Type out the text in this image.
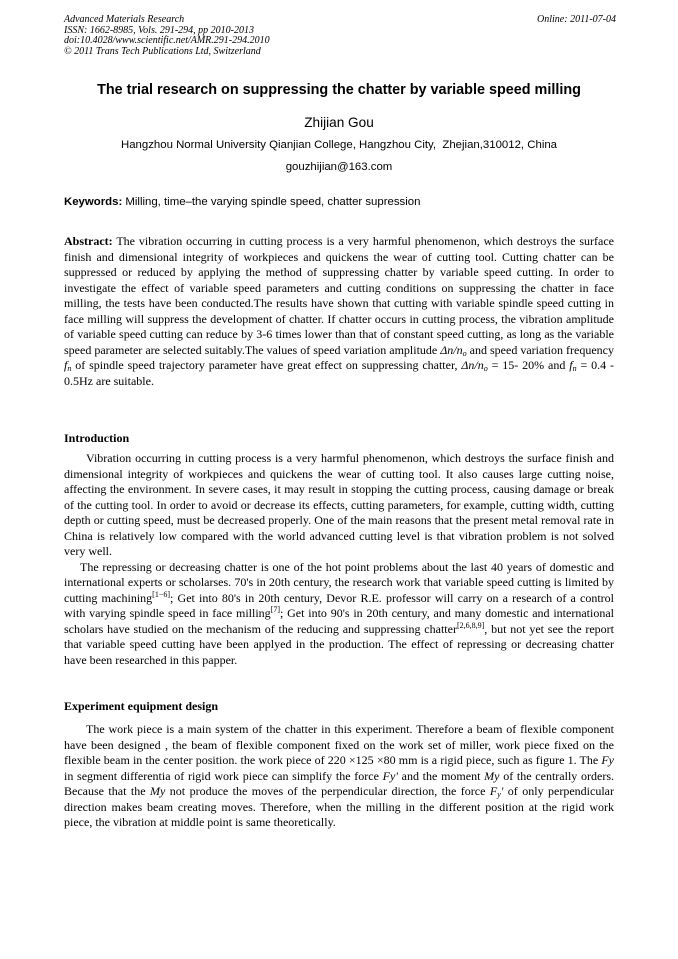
Advanced Materials Research
ISSN: 1662-8985, Vols. 291-294, pp 2010-2013
doi:10.4028/www.scientific.net/AMR.291-294.2010
© 2011 Trans Tech Publications Ltd, Switzerland
Online: 2011-07-04
The trial research on suppressing the chatter by variable speed milling
Zhijian Gou
Hangzhou Normal University Qianjian College, Hangzhou City,  Zhejian,310012, China
gouzhijian@163.com
Keywords: Milling, time–the varying spindle speed, chatter supression
Abstract: The vibration occurring in cutting process is a very harmful phenomenon, which destroys the surface finish and dimensional integrity of workpieces and quickens the wear of cutting tool. Cutting chatter can be suppressed or reduced by applying the method of suppressing chatter by variable speed cutting. In order to investigate the effect of variable speed parameters and cutting conditions on suppressing the chatter in face milling, the tests have been conducted.The results have shown that cutting with variable spindle speed cutting in face milling will suppress the development of chatter. If chatter occurs in cutting process, the vibration amplitude of variable speed cutting can reduce by 3-6 times lower than that of constant speed cutting, as long as the variable speed parameter are selected suitably.The values of speed variation amplitude $\Delta n/n_o$ and speed variation frequency $f_n$ of spindle speed trajectory parameter have great effect on suppressing chatter, $\Delta n/n_o = 15-$ 20% and $f_n = 0.4 - 0.5Hz$ are suitable.
Introduction

Vibration occurring in cutting process is a very harmful phenomenon, which destroys the surface finish and dimensional integrity of workpieces and quickens the wear of cutting tool. It also causes large cutting noise, affecting the environment. In severe cases, it may result in stopping the cutting process, causing damage or break of the cutting tool. In order to avoid or decrease its effects, cutting parameters, for example, cutting width, cutting depth or cutting speed, must be decreased properly. One of the main reasons that the present metal removal rate in China is relatively low compared with the world advanced cutting level is that vibration problem is not solved very well.

The repressing or decreasing chatter is one of the hot point problems about the last 40 years of domestic and international experts or scholarses. 70's in 20th century, the research work that variable speed cutting is limited by cutting machining[1−6]; Get into 80's in 20th century, Devor R.E. professor will carry on a research of a control with varying spindle speed in face milling[7]; Get into 90's in 20th century, and many domestic and international scholars have studied on the mechanism of the reducing and suppressing chatter[2,6,8,9], but not yet see the report that variable speed cutting have been applyed in the production. The effect of repressing or decreasing chatter have been researched in this papper.

Experiment equipment design

The work piece is a main system of the chatter in this experiment. Therefore a beam of flexible component have been designed , the beam of flexible component fixed on the work set of miller, work piece fixed on the flexible beam in the center position. the work piece of 220 ×125 ×80 mm is a rigid piece, such as figure 1. The Fy in segment differentia of rigid work piece can simplify the force Fy' and the moment My of the centrally orders. Because that the My not produce the moves of the perpendicular direction, the force $F_y'$ of only perpendicular direction makes beam creating moves. Therefore, when the milling in the different position at the rigid work piece, the vibration at middle point is same theoretically.
